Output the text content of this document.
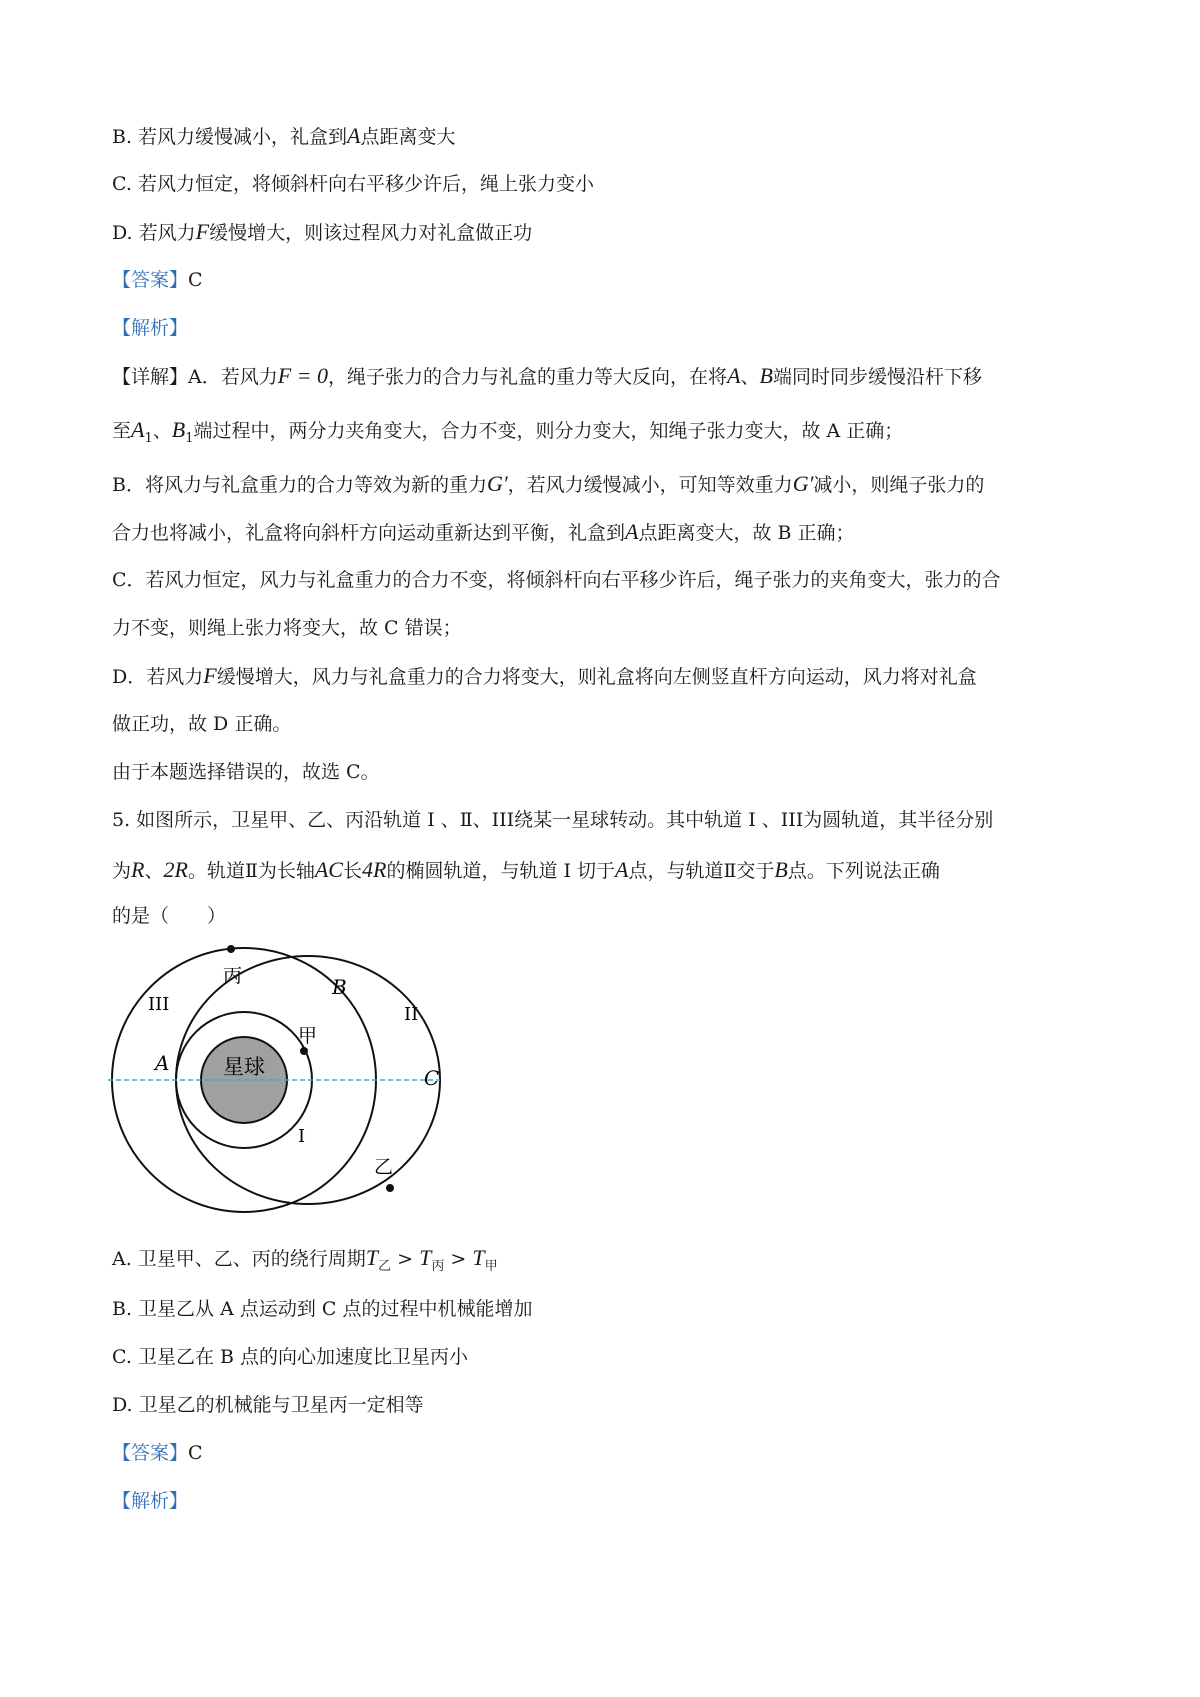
B. 若风力缓慢减小，礼盒到A点距离变大
C. 若风力恒定，将倾斜杆向右平移少许后，绳上张力变小
D. 若风力F缓慢增大，则该过程风力对礼盒做正功
【答案】C
【解析】
【详解】A．若风力F = 0，绳子张力的合力与礼盒的重力等大反向，在将A、B端同时同步缓慢沿杆下移
至$A_1$、$B_1$端过程中，两分力夹角变大，合力不变，则分力变大，知绳子张力变大，故 A 正确；
B．将风力与礼盒重力的合力等效为新的重力G′，若风力缓慢减小，可知等效重力G′减小，则绳子张力的
合力也将减小，礼盒将向斜杆方向运动重新达到平衡，礼盒到A点距离变大，故 B 正确；
C．若风力恒定，风力与礼盒重力的合力不变，将倾斜杆向右平移少许后，绳子张力的夹角变大，张力的合
力不变，则绳上张力将变大，故 C 错误；
D．若风力F缓慢增大，风力与礼盒重力的合力将变大，则礼盒将向左侧竖直杆方向运动，风力将对礼盒
做正功，故 D 正确。
由于本题选择错误的，故选 C。
5. 如图所示，卫星甲、乙、丙沿轨道 Ⅰ 、Ⅱ、III绕某一星球转动。其中轨道 Ⅰ 、III为圆轨道，其半径分别
为R、2R。轨道Ⅱ为长轴AC长4R的椭圆轨道，与轨道 Ⅰ 切于A点，与轨道Ⅱ交于B点。下列说法正确
的是（　　）
星球
丙
甲
乙
III	II
I
A
B
C
A. 卫星甲、乙、丙的绕行周期$T_乙 > T_丙 > T_甲$
B. 卫星乙从 A 点运动到 C 点的过程中机械能增加
C. 卫星乙在 B 点的向心加速度比卫星丙小
D. 卫星乙的机械能与卫星丙一定相等
【答案】C
【解析】
